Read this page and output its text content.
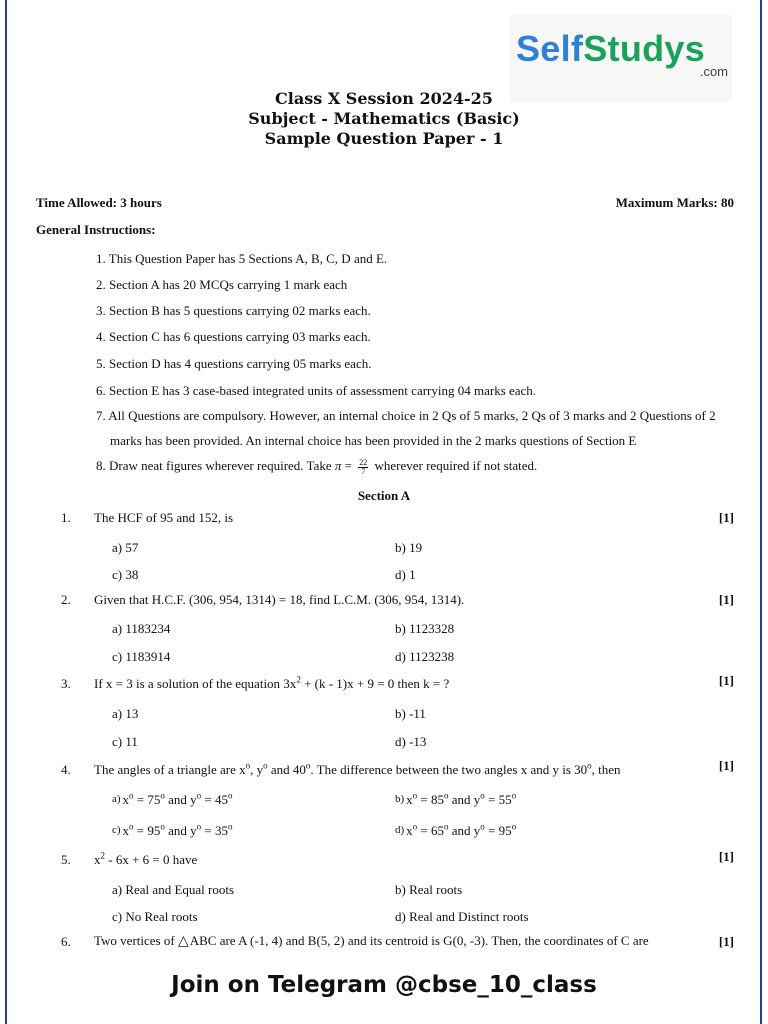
SelfStudys
.com
Class X Session 2024-25
Subject - Mathematics (Basic)
Sample Question Paper - 1
Time Allowed: 3 hours	Maximum Marks: 80
General Instructions:
1. This Question Paper has 5 Sections A, B, C, D and E.
2. Section A has 20 MCQs carrying 1 mark each
3. Section B has 5 questions carrying 02 marks each.
4. Section C has 6 questions carrying 03 marks each.
5. Section D has 4 questions carrying 05 marks each.
6. Section E has 3 case-based integrated units of assessment carrying 04 marks each.
7. All Questions are compulsory. However, an internal choice in 2 Qs of 5 marks, 2 Qs of 3 marks and 2 Questions of 2 marks has been provided. An internal choice has been provided in the 2 marks questions of Section E
8. Draw neat figures wherever required. Take $\pi = \frac{22}{7}$ wherever required if not stated.
Section A
1. The HCF of 95 and 152, is	[1]
a) 57	b) 19
c) 38	d) 1
2. Given that H.C.F. (306, 954, 1314) = 18, find L.C.M. (306, 954, 1314).	[1]
a) 1183234	b) 1123328
c) 1183914	d) 1123238
3. If x = 3 is a solution of the equation $3x^2 + (k - 1)x + 9 = 0$ then k = ?	[1]
a) 13	b) -11
c) 11	d) -13
4. The angles of a triangle are $x^o$, $y^o$ and 40$^o$. The difference between the two angles x and y is 30$^o$, then	[1]
a) $x^o = 75^o$ and $y^o = 45^o$	b) $x^o = 85^o$ and $y^o = 55^o$
c) $x^o = 95^o$ and $y^o = 35^o$	d) $x^o = 65^o$ and $y^o = 95^o$
5. $x^2 - 6x + 6 = 0$ have	[1]
a) Real and Equal roots	b) Real roots
c) No Real roots	d) Real and Distinct roots
6. Two vertices of △ABC are A (-1, 4) and B(5, 2) and its centroid is G(0, -3). Then, the coordinates of C are	[1]
Join on Telegram @cbse_10_class
